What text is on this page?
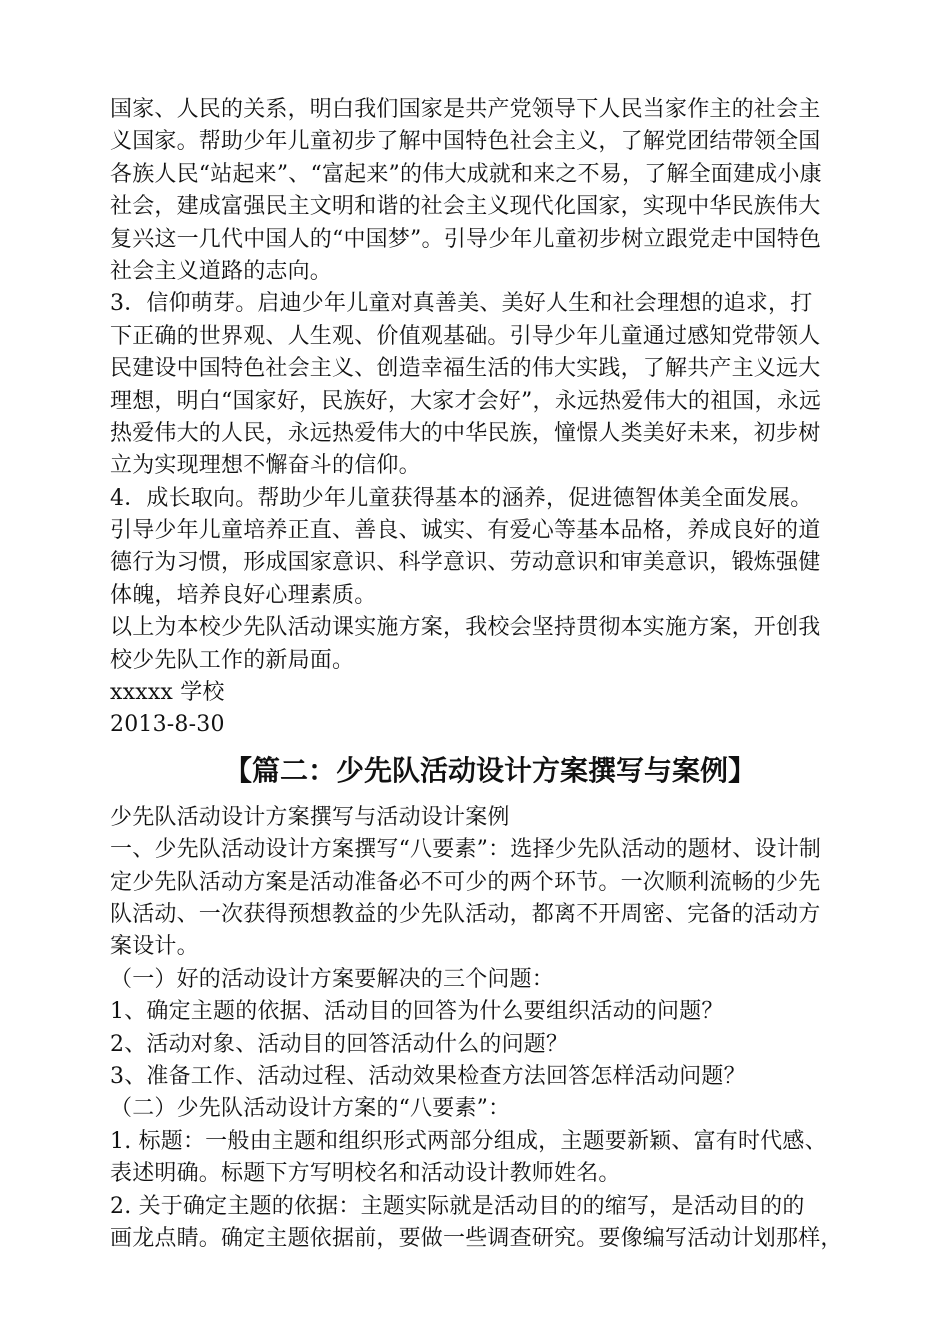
国家、人民的关系，明白我们国家是共产党领导下人民当家作主的社会主
义国家。帮助少年儿童初步了解中国特色社会主义，了解党团结带领全国
各族人民“站起来”、“富起来”的伟大成就和来之不易，了解全面建成小康
社会，建成富强民主文明和谐的社会主义现代化国家，实现中华民族伟大
复兴这一几代中国人的“中国梦”。引导少年儿童初步树立跟党走中国特色
社会主义道路的志向。
3．信仰萌芽。启迪少年儿童对真善美、美好人生和社会理想的追求，打
下正确的世界观、人生观、价值观基础。引导少年儿童通过感知党带领人
民建设中国特色社会主义、创造幸福生活的伟大实践，了解共产主义远大
理想，明白“国家好，民族好，大家才会好”，永远热爱伟大的祖国，永远
热爱伟大的人民，永远热爱伟大的中华民族，憧憬人类美好未来，初步树
立为实现理想不懈奋斗的信仰。
4．成长取向。帮助少年儿童获得基本的涵养，促进德智体美全面发展。
引导少年儿童培养正直、善良、诚实、有爱心等基本品格，养成良好的道
德行为习惯，形成国家意识、科学意识、劳动意识和审美意识，锻炼强健
体魄，培养良好心理素质。
以上为本校少先队活动课实施方案，我校会坚持贯彻本实施方案，开创我
校少先队工作的新局面。
xxxxx 学校
2013-8-30
【篇二：少先队活动设计方案撰写与案例】
少先队活动设计方案撰写与活动设计案例
一、少先队活动设计方案撰写“八要素”：选择少先队活动的题材、设计制
定少先队活动方案是活动准备必不可少的两个环节。一次顺利流畅的少先
队活动、一次获得预想教益的少先队活动，都离不开周密、完备的活动方
案设计。
（一）好的活动设计方案要解决的三个问题：
1、确定主题的依据、活动目的回答为什么要组织活动的问题？
2、活动对象、活动目的回答活动什么的问题？
3、准备工作、活动过程、活动效果检查方法回答怎样活动问题？
（二）少先队活动设计方案的“八要素”：
1. 标题：一般由主题和组织形式两部分组成，主题要新颖、富有时代感、
表述明确。标题下方写明校名和活动设计教师姓名。
2. 关于确定主题的依据：主题实际就是活动目的的缩写，是活动目的的
画龙点睛。确定主题依据前，要做一些调查研究。要像编写活动计划那样，
